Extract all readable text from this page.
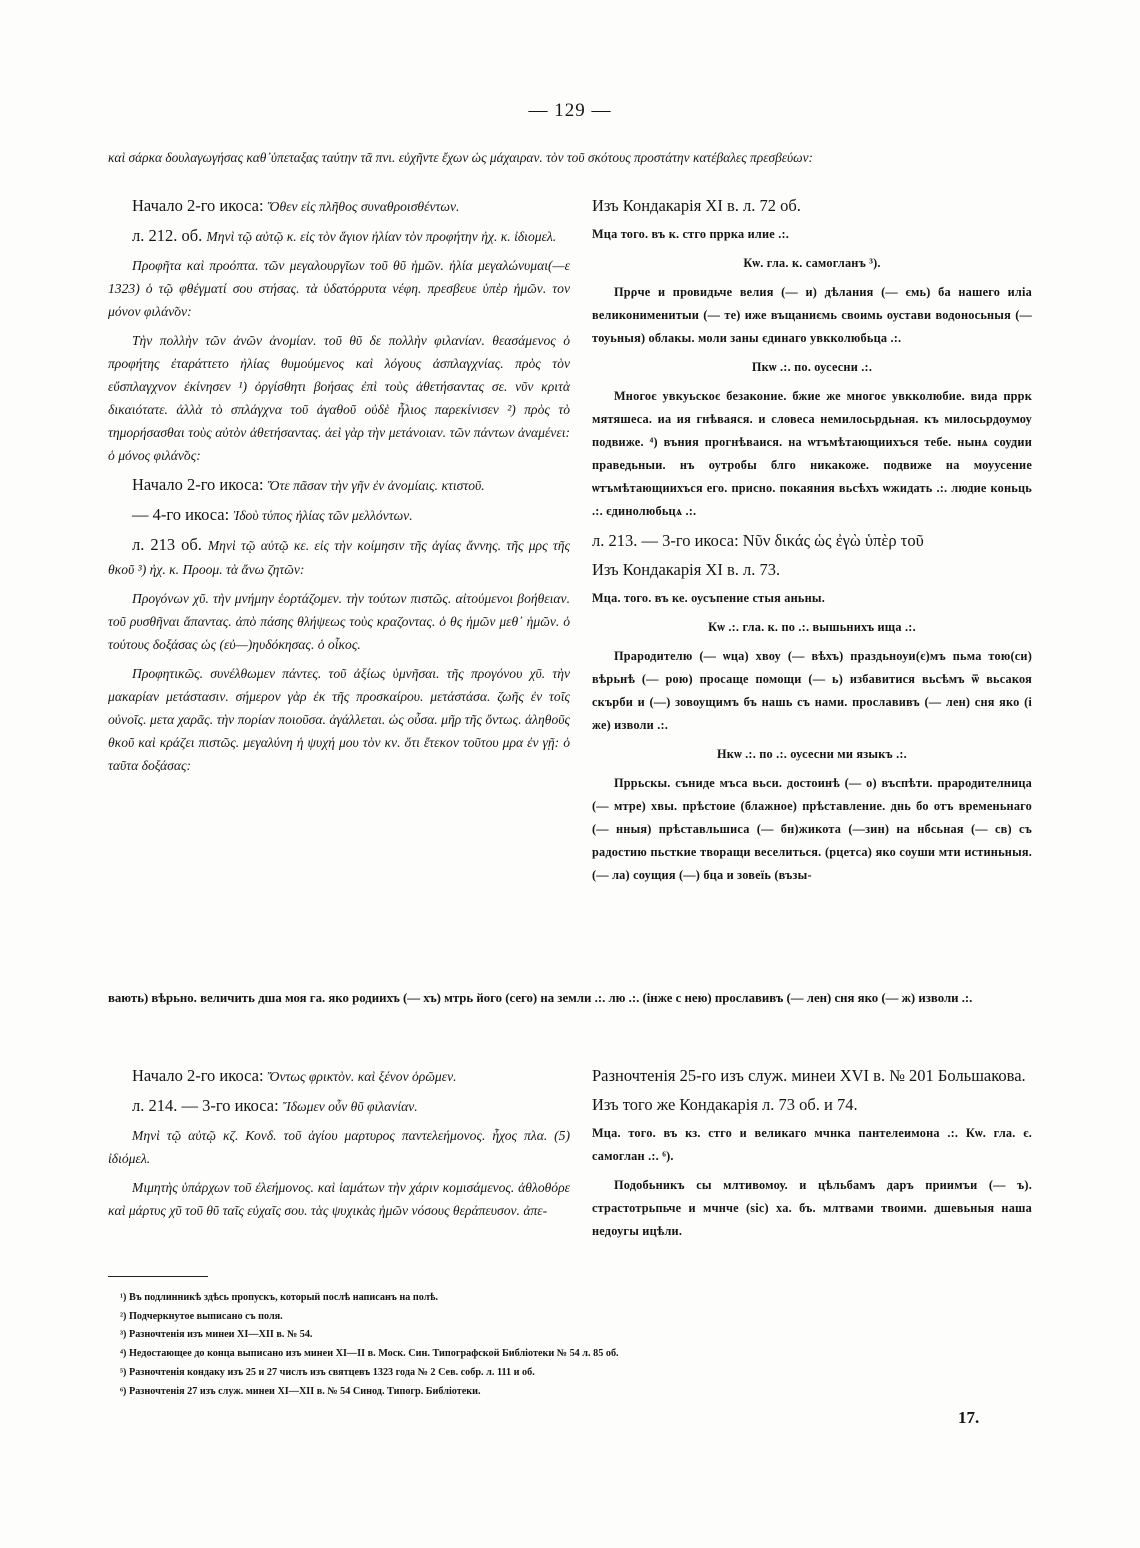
— 129 —
καὶ σάρκα δουλαγωγήσας καθ᾽ὑπεταξας ταύτην τᾶ πνι. εὐχῆντε ἔχων ὡς μάχαιραν. τὸν τοῦ σκότους προστάτην κατέβαλες πρεσβεύων:

Начало 2-го икоса: Ὅθεν εἰς πλῆθος συναθροισθέντων.

л. 212. об. Μηνὶ τῷ αὐτῷ κ. εἰς τὸν ἅγιον ἠλίαν τὸν προφήτην ἠχ. κ. ἰδιομελ.

Προφῆτα καὶ προόπτα. τῶν μεγαλουργῖων τοῦ θῦ ἡμῶν. ἠλία μεγαλώνυμαι(—ε 1323) ὁ τῷ φθέγματί σου στήσας. τὰ ὑδατόρρυτα νέφη. πρεσβευε ὑπὲρ ἡμῶν. τον μόνον φιλάν̃ον:

Τὴν πολλὴν τῶν ἀνῶν ἀνομίαν. τοῦ θῦ δε πολλὴν φιλανίαν. θεασάμενος ὁ προφήτης ἐταράττετο ἠλίας θυμούμενος καὶ λόγους ἀσπλαγχνίας. πρὸς τὸν εὔσπλαγχνον ἐκίνησεν ¹) ὀργίσθητι βοήσας ἐπὶ τοὺς ἀθετήσαντας σε. νῦν κριτὰ δικαιότατε. ἀλλὰ τὸ σπλάγχνα τοῦ ἀγαθοῦ οὐδὲ ἦλιος παρεκίνισεν ²) πρὸς τὸ τημορήσασθαι τοὺς αὐτὸν ἀθετήσαντας. ἀεὶ γὰρ τὴν μετάνοιαν. τῶν πάντων ἀναμένει: ὁ μόνος φιλάν̃ος:

Начало 2-го икоса: Ὅτε πᾶσαν τὴν γῆν ἐν ἀνομίαις. κτιστοῦ.

— 4-го икоса: Ἰδοὺ τύπος ἠλίας τῶν μελλόντων.

л. 213 об. Μηνὶ τῷ αὐτῷ κε. εἰς τὴν κοίμησιν τῆς ἁγίας ἄννης. τῆς μρς τῆς θκοῦ ³) ἠχ. κ. Προομ. τὰ ἄνω ζητῶν:

Προγόνων χῦ. τὴν μνήμην ἑορτάζομεν. τὴν τούτων πιστῶς. αἰτούμενοι βοήθειαν. τοῦ ρυσθῆναι ἅπαντας. ἀπὸ πάσης θλήψεως τοὺς κραζοντας. ὁ θς ἡμῶν μεθ᾽ ἡμῶν. ὁ τούτους δοξάσας ὡς (εὐ—)ηυδόκησας. ὁ οἶκος.

Προφητικῶς. συνέλθωμεν πάντες. τοῦ ἀξίως ὑμνῆσαι. τῆς προγόνου χῦ. τὴν μακαρίαν μετάστασιν. σήμερον γὰρ ἐκ τῆς προσκαίρου. μετάστάσα. ζωῆς ἐν τοῖς οὐνοῖς. μετα χαρᾶς. τὴν πορίαν ποιοῦσα. ἀγάλλεται. ὡς οὖσα. μῆρ τῆς ὄντως. ἀληθοῦς θκοῦ καὶ κράζει πιστῶς. μεγαλύνη ἡ ψυχή μου τὸν κν. ὅτι ἔτεκον τοῦτου μρα ἐν γῇ: ὁ ταῦτα δοξάσας:

Изъ Кондакарія XI в. л. 72 об.

Мца того. въ к. стго пррка илие .:.

Кѡ. гла. к. самогланъ ³).

Прρче и провидьче велия (— и) дѣлания (— ємь) ба нашего иліа великонименитыи (— те) иже въщаниємь своимь оустави водоносьныя (— тоуьныя) облакы. моли заны єдинаго увкколюбьца .:.

Пкѡ .:. по. оусесни .:.

Многоє увкуьскоє безаконие. бжие же многоє увкколюбие. вида пррк мятяшеса. иа ия гнѣваяся. и словеса немилосьрдьная. къ милосьрдоумоу подвиже. ⁴) въния прогнѣваися. на ѡтъмѣтающиихъся тебе. нынѧ соудии праведьныи. нъ оутробы блго никакоже. подвиже на моуусение ѡтъмѣтающиихъся его. присно. покаяния вьсѣхъ ѡжидать .:. людие коньць .:. єдинолюбьцѧ .:.

л. 213. — 3-го икоса: Νῦν δικάς ὡς ἐγὼ ὑπὲρ τοῦ

Изъ Кондакарія XI в. л. 73.

Мца. того. въ ке. оусъпение стыя аньны.

Кѡ .:. гла. к. по .:. вышьнихъ ища .:.

Прародителю (— ѡца) хвоу (— вѣхъ) праздьноуи(є)мъ пьма тою(си) вѣрьнѣ (— рою) просаще помощи (— ь) избавитися вьсѣмъ ѿ вьсакоя скърби и (—) зовоущимъ бъ нашь съ нами. прославивъ (— лен) сня яко (і же) изволи .:.

Нкѡ .:. по .:. оусесни ми языкъ .:.

Пррьскы. съниде мъса вьси. достоинѣ (— о) въспѣти. прародителница (— мтре) хвы. прѣстоие (блажное) прѣставление. днь бо отъ временьнаго (— нныя) прѣставльшиса (— бн)жикота (—зин) на нбсьная (— св) съ радостию пьсткие творащи веселиться. (рцетса) яко соуши мти истиньныя. (— ла) соущия (—) бца и зовеїь (възы-

вають) вѣрьно. величить дша моя га. яко родиихъ (— хъ) мтрь його (сего) на земли .:. лю .:. (інже с нею) прославивъ (— лен) сня яко (— ж) изволи .:.

Начало 2-го икоса: Ὄντως φρικτὸν. καὶ ξένον ὁρῶμεν.

л. 214. — 3-го икоса: Ἴδωμεν οὖν θῦ φιλανίαν.

Μηνὶ τῷ αὐτῷ κζ. Κονδ. τοῦ ἁγίου μαρτυρος παντελεήμονος. ἦχος πλα. (5) ἰδιόμελ.

Μιμητὴς ὑπάρχων τοῦ ἐλεήμονος. καὶ ἰαμάτων τὴν χάριν κομισάμενος. ἀθλοθόρε καὶ μάρτυς χῦ τοῦ θῦ ταῖς εὐχαῖς σου. τὰς ψυχικὰς ἡμῶν νόσους θεράπευσον. ἀπε-

Разночтенія 25-го изъ служ. минеи XVI в. № 201 Большакова.

Изъ того же Кондакарія л. 73 об. и 74.

Мца. того. въ кз. стго и великаго мчнка пантелеимона .:. Кѡ. гла. є. самоглан .:. ⁶).

Подобьникъ сы млтивомоу. и цѣльбамъ даръ приимъи (— ъ). страстотрьпьче и мчнче (sic) ха. бъ. млтвами твоими. дшевьныя наша недоугы ицѣли.

¹) Въ подлинникѣ здѣсь пропускъ, который послѣ написанъ на полѣ.
²) Подчеркнутое выписано съ поля.
³) Разночтенія изъ минеи XI—XII в. № 54.
⁴) Недостающее до конца выписано изъ минеи XI—II в. Моск. Син. Типографской Библіотеки № 54 л. 85 об.
⁵) Разночтенія кондаку изъ 25 и 27 числъ изъ святцевъ 1323 года № 2 Сев. собр. л. 111 и об.
⁶) Разночтенія 27 изъ служ. минеи XI—XII в. № 54 Синод. Типогр. Библіотеки.
17.
